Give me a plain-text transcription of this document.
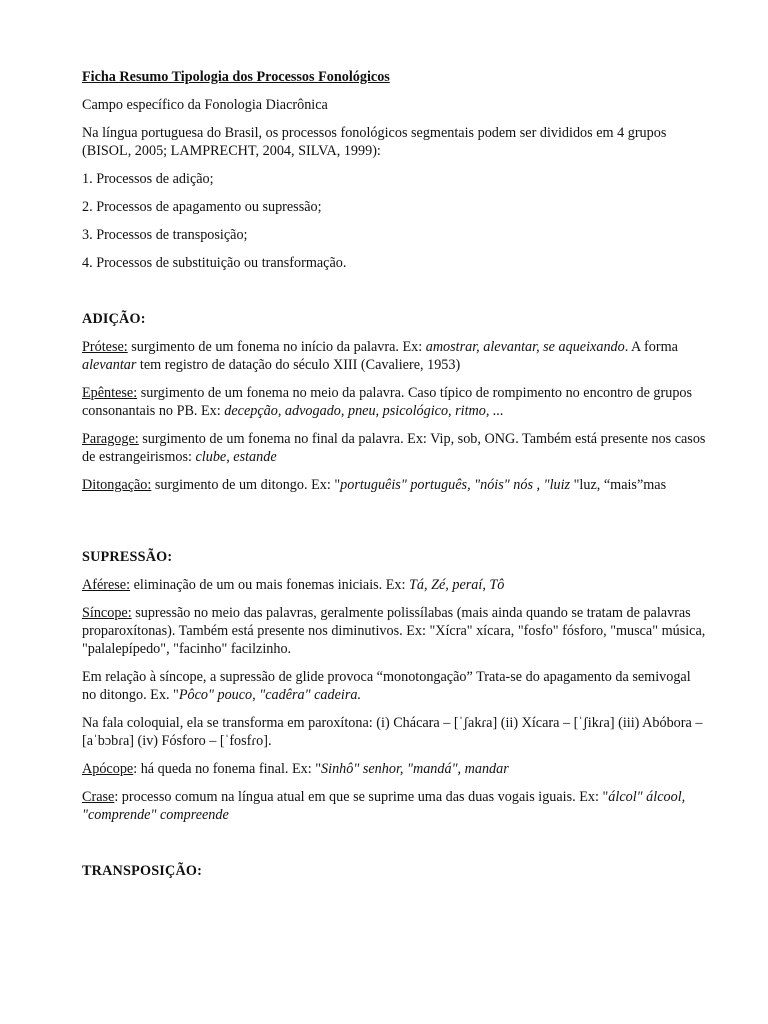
Ficha Resumo Tipologia dos Processos Fonológicos

Campo específico da Fonologia Diacrônica

Na língua portuguesa do Brasil, os processos fonológicos segmentais podem ser divididos em 4 grupos (BISOL, 2005; LAMPRECHT, 2004, SILVA, 1999):

1. Processos de adição;

2. Processos de apagamento ou supressão;

3. Processos de transposição;

4. Processos de substituição ou transformação.

ADIÇÃO:

Prótese: surgimento de um fonema no início da palavra. Ex: amostrar, alevantar, se aqueixando. A forma alevantar tem registro de datação do século XIII (Cavaliere, 1953)

Epêntese: surgimento de um fonema no meio da palavra. Caso típico de rompimento no encontro de grupos consonantais no PB. Ex: decepção, advogado, pneu, psicológico, ritmo, ...

Paragoge: surgimento de um fonema no final da palavra. Ex: Vip, sob, ONG. Também está presente nos casos de estrangeirismos: clube, estande

Ditongação: surgimento de um ditongo. Ex: "portuguêis" português, "nóis" nós , "luiz "luz, “mais”mas

SUPRESSÃO:

Aférese: eliminação de um ou mais fonemas iniciais. Ex: Tá, Zé, peraí, Tô

Síncope: supressão no meio das palavras, geralmente polissílabas (mais ainda quando se tratam de palavras proparoxítonas). Também está presente nos diminutivos. Ex: "Xícra" xícara, "fosfo" fósforo, "musca" música, "palalepípedo", "facinho" facilzinho.

Em relação à síncope, a supressão de glide provoca “monotongação” Trata-se do apagamento da semivogal no ditongo. Ex. "Pôco" pouco, "cadêra" cadeira.

Na fala coloquial, ela se transforma em paroxítona: (i) Chácara – [ˈʃakɾa] (ii) Xícara – [ˈʃikɾa] (iii) Abóbora – [aˈbɔbɾa] (iv) Fósforo – [ˈfosfɾo].

Apócope: há queda no fonema final. Ex: "Sinhô" senhor, "mandá", mandar

Crase: processo comum na língua atual em que se suprime uma das duas vogais iguais. Ex: "álcol" álcool, "comprende" compreende

TRANSPOSIÇÃO:
